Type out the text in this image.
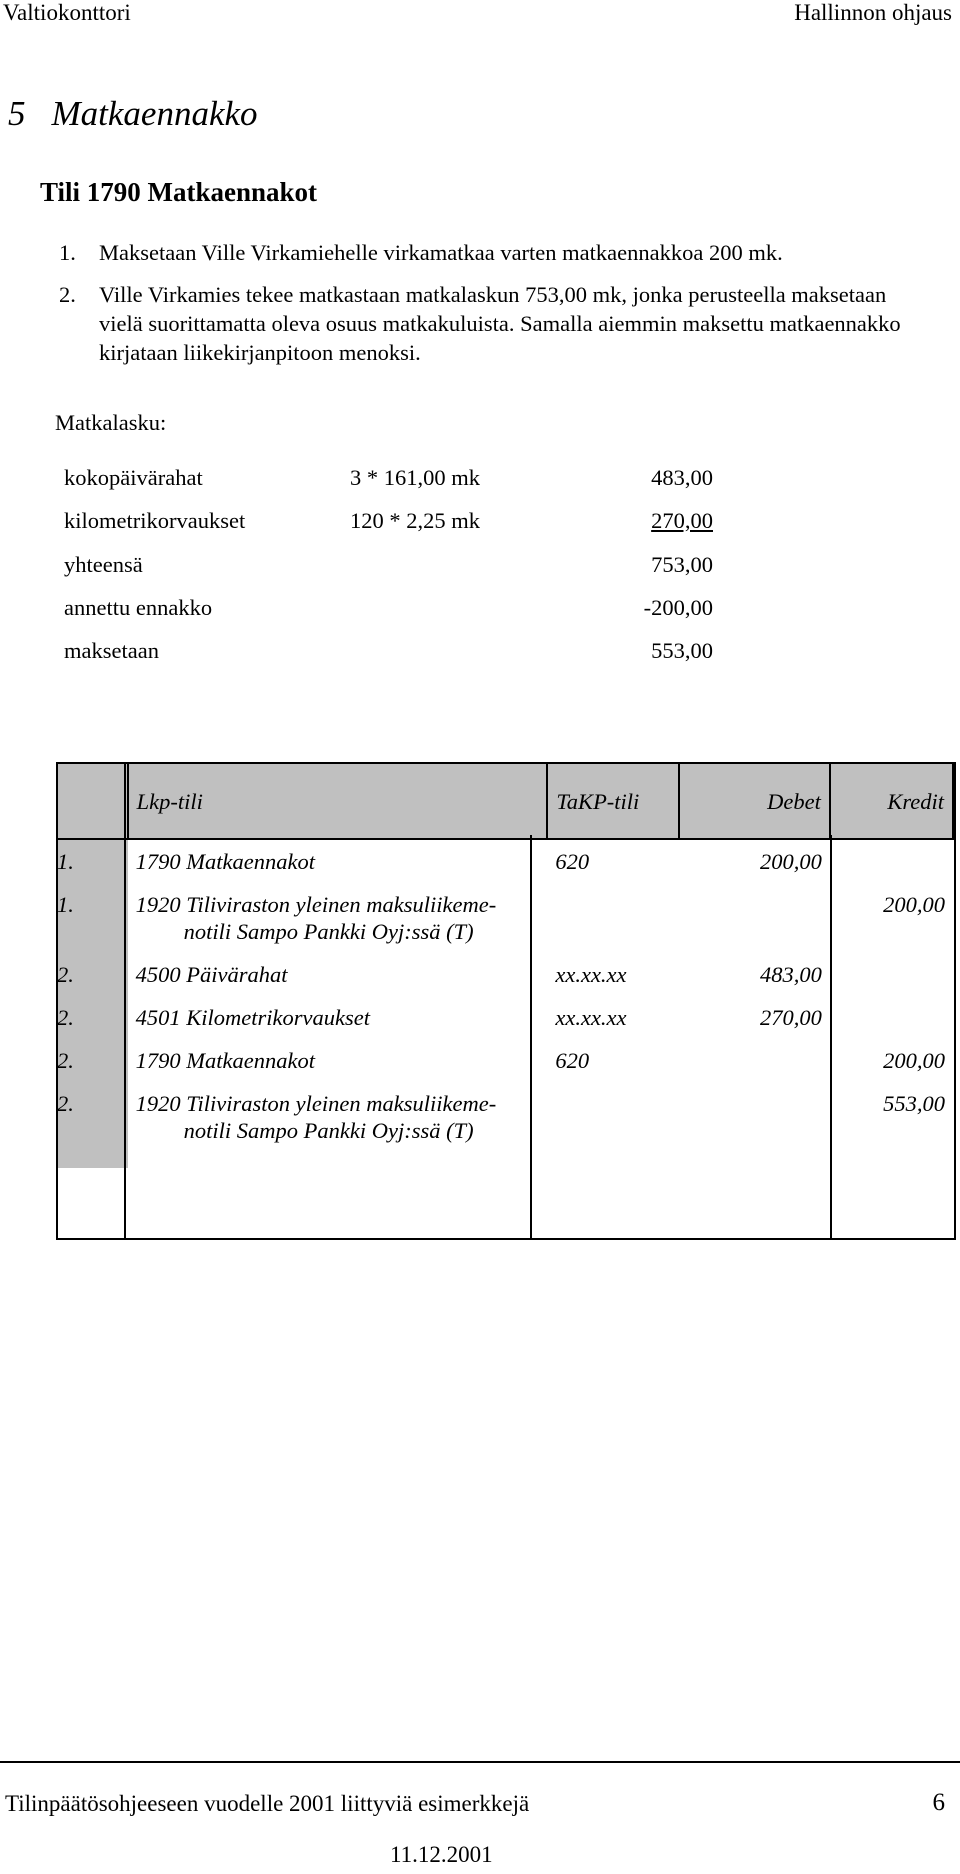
Valtiokonttori	Hallinnon ohjaus
5 Matkaennakko
Tili 1790 Matkaennakot
1. Maksetaan Ville Virkamiehelle virkamatkaa varten matkaennakkoa 200 mk.
2. Ville Virkamies tekee matkastaan matkalaskun 753,00 mk, jonka perusteella maksetaan
vielä suorittamatta oleva osuus matkakuluista. Samalla aiemmin maksettu matkaennakko
kirjataan liikekirjanpitoon menoksi.
Matkalasku:
kokopäivärahat	3 * 161,00 mk	483,00
kilometrikorvaukset	120 * 2,25 mk	270,00
yhteensä	753,00
annettu ennakko	-200,00
maksetaan	553,00
	Lkp-tili	TaKP-tili	Debet	Kredit
1.	1790 Matkaennakot	620	200,00	
1.	1920 Tiliviraston yleinen maksuliikeme-
notili Sampo Pankki Oyj:ssä (T)			200,00
2.	4500 Päivärahat	xx.xx.xx	483,00	
2.	4501 Kilometrikorvaukset	xx.xx.xx	270,00	
2.	1790 Matkaennakot	620		200,00
2.	1920 Tiliviraston yleinen maksuliikeme-
notili Sampo Pankki Oyj:ssä (T)			553,00
Tilinpäätösohjeeseen vuodelle 2001 liittyviä esimerkkejä	6
11.12.2001
